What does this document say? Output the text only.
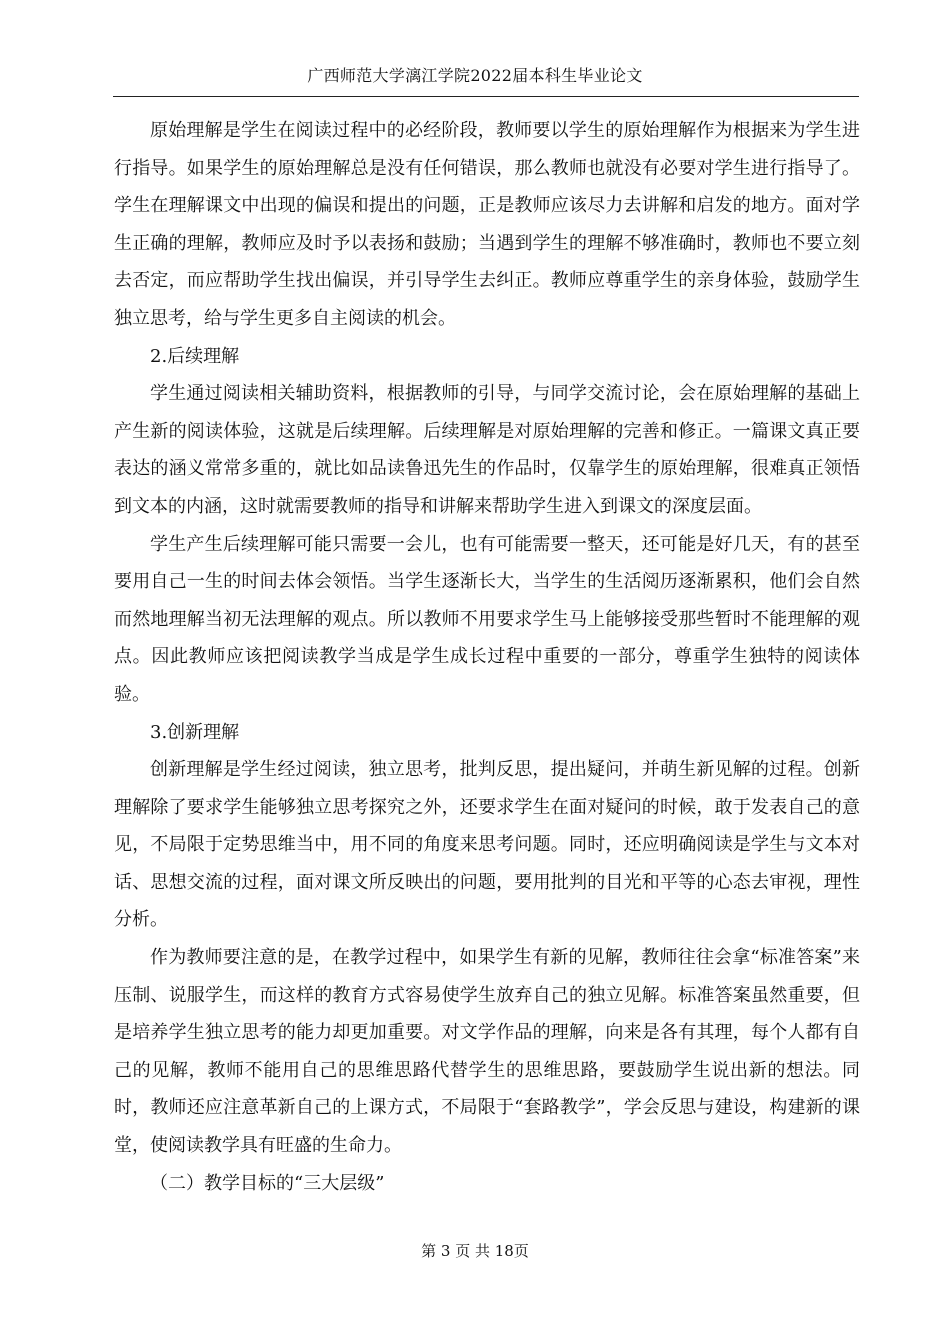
广西师范大学漓江学院2022届本科生毕业论文

原始理解是学生在阅读过程中的必经阶段，教师要以学生的原始理解作为根据来为学生进行指导。如果学生的原始理解总是没有任何错误，那么教师也就没有必要对学生进行指导了。学生在理解课文中出现的偏误和提出的问题，正是教师应该尽力去讲解和启发的地方。面对学生正确的理解，教师应及时予以表扬和鼓励；当遇到学生的理解不够准确时，教师也不要立刻去否定，而应帮助学生找出偏误，并引导学生去纠正。教师应尊重学生的亲身体验，鼓励学生独立思考，给与学生更多自主阅读的机会。

2.后续理解

学生通过阅读相关辅助资料，根据教师的引导，与同学交流讨论，会在原始理解的基础上产生新的阅读体验，这就是后续理解。后续理解是对原始理解的完善和修正。一篇课文真正要表达的涵义常常多重的，就比如品读鲁迅先生的作品时，仅靠学生的原始理解，很难真正领悟到文本的内涵，这时就需要教师的指导和讲解来帮助学生进入到课文的深度层面。

学生产生后续理解可能只需要一会儿，也有可能需要一整天，还可能是好几天，有的甚至要用自己一生的时间去体会领悟。当学生逐渐长大，当学生的生活阅历逐渐累积，他们会自然而然地理解当初无法理解的观点。所以教师不用要求学生马上能够接受那些暂时不能理解的观点。因此教师应该把阅读教学当成是学生成长过程中重要的一部分，尊重学生独特的阅读体验。

3.创新理解

创新理解是学生经过阅读，独立思考，批判反思，提出疑问，并萌生新见解的过程。创新理解除了要求学生能够独立思考探究之外，还要求学生在面对疑问的时候，敢于发表自己的意见，不局限于定势思维当中，用不同的角度来思考问题。同时，还应明确阅读是学生与文本对话、思想交流的过程，面对课文所反映出的问题，要用批判的目光和平等的心态去审视，理性分析。

作为教师要注意的是，在教学过程中，如果学生有新的见解，教师往往会拿“标准答案”来压制、说服学生，而这样的教育方式容易使学生放弃自己的独立见解。标准答案虽然重要，但是培养学生独立思考的能力却更加重要。对文学作品的理解，向来是各有其理，每个人都有自己的见解，教师不能用自己的思维思路代替学生的思维思路，要鼓励学生说出新的想法。同时，教师还应注意革新自己的上课方式，不局限于“套路教学”，学会反思与建设，构建新的课堂，使阅读教学具有旺盛的生命力。

（二）教学目标的“三大层级”

第 3 页 共 18页
